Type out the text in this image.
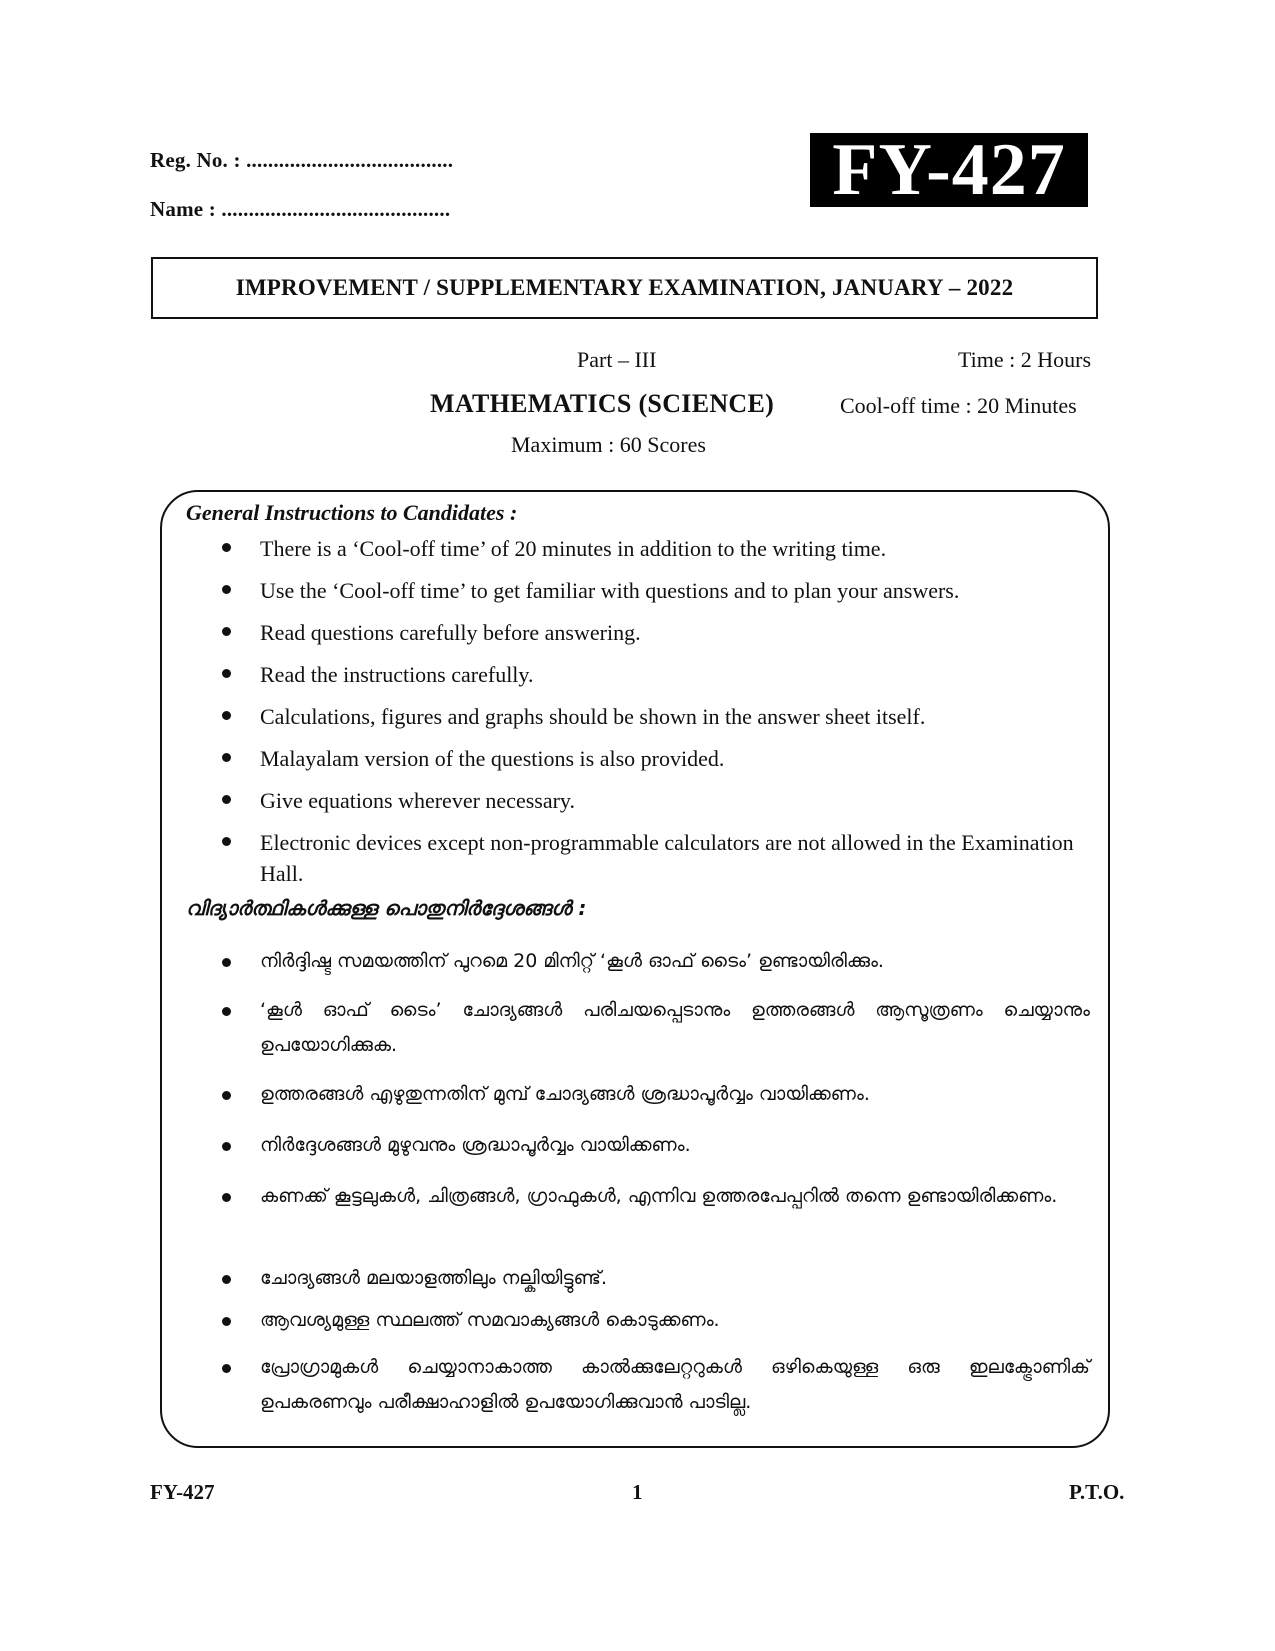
Reg. No. : ......................................
Name : ..........................................	FY-427
IMPROVEMENT / SUPPLEMENTARY EXAMINATION, JANUARY – 2022
Part – III	Time : 2 Hours
MATHEMATICS (SCIENCE)	Cool-off time : 20 Minutes
Maximum : 60 Scores
General Instructions to Candidates :
There is a ‘Cool-off time’ of 20 minutes in addition to the writing time.
Use the ‘Cool-off time’ to get familiar with questions and to plan your answers.
Read questions carefully before answering.
Read the instructions carefully.
Calculations, figures and graphs should be shown in the answer sheet itself.
Malayalam version of the questions is also provided.
Give equations wherever necessary.
Electronic devices except non-programmable calculators are not allowed in the Examination Hall.
വിദ്യാർത്ഥികൾക്കുള്ള പൊതുനിർദ്ദേശങ്ങൾ :
നിർദ്ദിഷ്ട സമയത്തിന് പുറമെ 20 മിനിറ്റ് ‘കൂൾ ഓഫ് ടൈം’ ഉണ്ടായിരിക്കും.
‘കൂൾ ഓഫ് ടൈം’ ചോദ്യങ്ങൾ പരിചയപ്പെടാനും ഉത്തരങ്ങൾ ആസൂത്രണം ചെയ്യാനും ഉപയോഗിക്കുക.
ഉത്തരങ്ങൾ എഴുതുന്നതിന് മുമ്പ് ചോദ്യങ്ങൾ ശ്രദ്ധാപൂർവ്വം വായിക്കണം.
നിർദ്ദേശങ്ങൾ മുഴുവനും ശ്രദ്ധാപൂർവ്വം വായിക്കണം.
കണക്ക് കൂട്ടലുകൾ, ചിത്രങ്ങൾ, ഗ്രാഫുകൾ, എന്നിവ ഉത്തരപേപ്പറിൽ തന്നെ ഉണ്ടായിരിക്കണം.
ചോദ്യങ്ങൾ മലയാളത്തിലും നല്കിയിട്ടുണ്ട്.
ആവശ്യമുള്ള സ്ഥലത്ത് സമവാക്യങ്ങൾ കൊടുക്കണം.
പ്രോഗ്രാമുകൾ ചെയ്യാനാകാത്ത കാൽക്കുലേറ്ററുകൾ ഒഴികെയുള്ള ഒരു ഇലക്ട്രോണിക് ഉപകരണവും പരീക്ഷാഹാളിൽ ഉപയോഗിക്കുവാൻ പാടില്ല.
FY-427	1	P.T.O.
